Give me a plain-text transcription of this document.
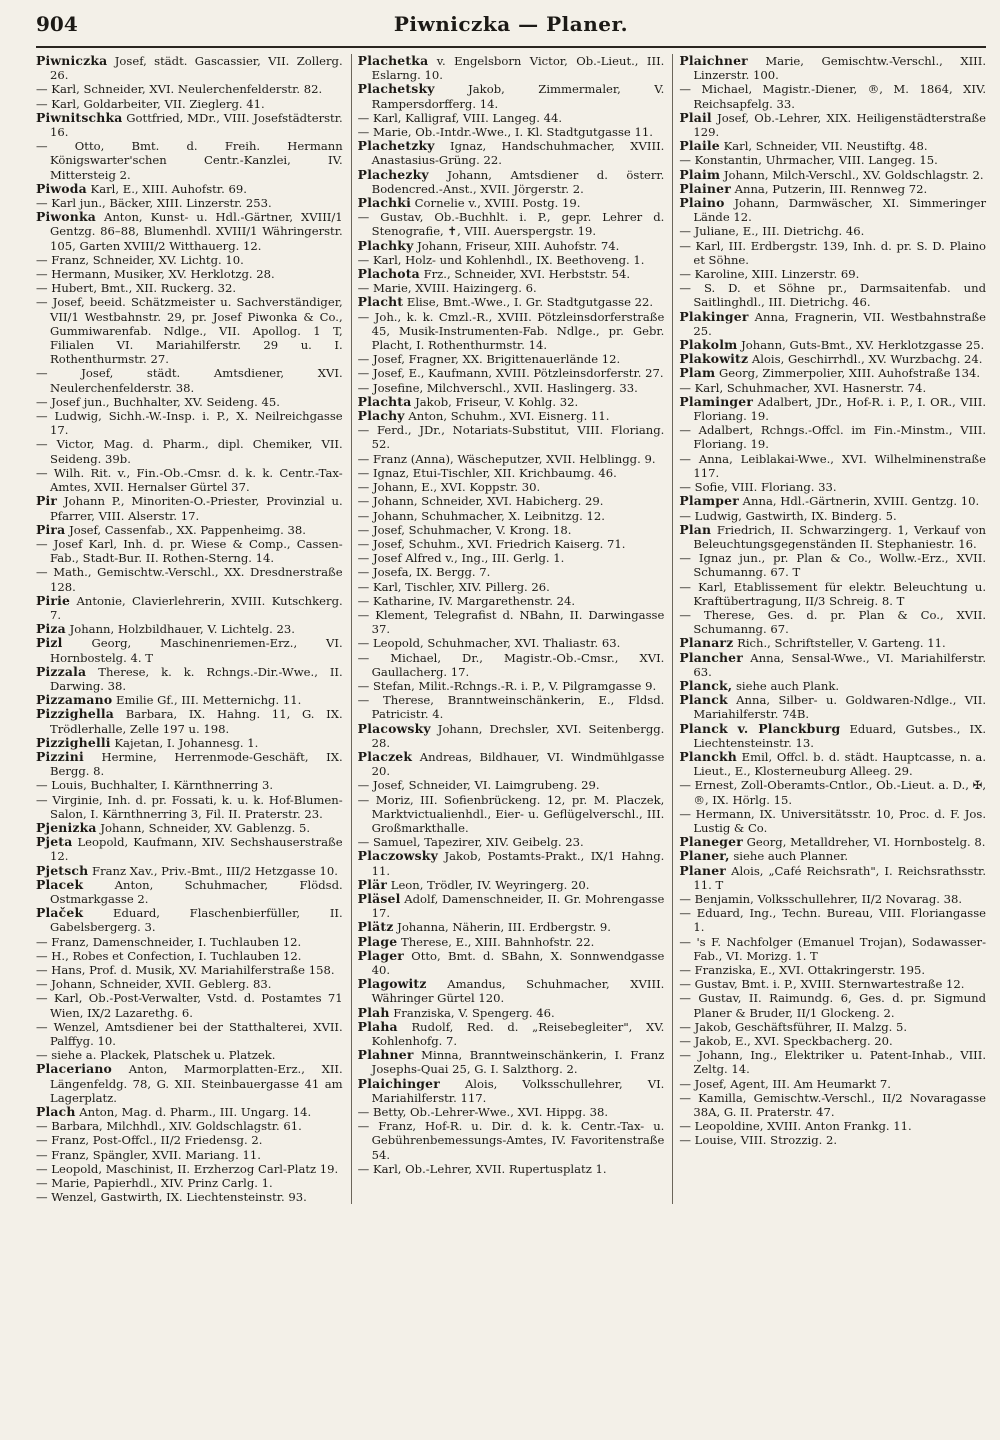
904	Piwniczka — Planer.

Piwniczka Josef, städt. Gascassier, VII. Zollerg. 26.

— Karl, Schneider, XVI. Neulerchenfelderstr. 82.

— Karl, Goldarbeiter, VII. Zieglerg. 41.

Piwnitschka Gottfried, MDr., VIII. Josefstädterstr. 16.

— Otto, Bmt. d. Freih. Hermann Königswarter'schen Centr.-Kanzlei, IV. Mittersteig 2.

Piwoda Karl, E., XIII. Auhofstr. 69.

— Karl jun., Bäcker, XIII. Linzerstr. 253.

Piwonka Anton, Kunst- u. Hdl.-Gärtner, XVIII/1 Gentzg. 86–88, Blumenhdl. XVIII/1 Währingerstr. 105, Garten XVIII/2 Witthauerg. 12.

— Franz, Schneider, XV. Lichtg. 10.

— Hermann, Musiker, XV. Herklotzg. 28.

— Hubert, Bmt., XII. Ruckerg. 32.

— Josef, beeid. Schätzmeister u. Sachverständiger, VII/1 Westbahnstr. 29, pr. Josef Piwonka & Co., Gummiwarenfab. Ndlge., VII. Apollog. 1 T, Filialen VI. Mariahilferstr. 29 u. I. Rothenthurmstr. 27.

— Josef, städt. Amtsdiener, XVI. Neulerchenfelderstr. 38.

— Josef jun., Buchhalter, XV. Seideng. 45.

— Ludwig, Sichh.-W.-Insp. i. P., X. Neilreichgasse 17.

— Victor, Mag. d. Pharm., dipl. Chemiker, VII. Seideng. 39b.

— Wilh. Rit. v., Fin.-Ob.-Cmsr. d. k. k. Centr.-Tax-Amtes, XVII. Hernalser Gürtel 37.

Pir Johann P., Minoriten-O.-Priester, Provinzial u. Pfarrer, VIII. Alserstr. 17.

Pira Josef, Cassenfab., XX. Pappenheimg. 38.

— Josef Karl, Inh. d. pr. Wiese & Comp., Cassen-Fab., Stadt-Bur. II. Rothen-Sterng. 14.

— Math., Gemischtw.-Verschl., XX. Dresdnerstraße 128.

Pirie Antonie, Clavierlehrerin, XVIII. Kutschkerg. 7.

Piza Johann, Holzbildhauer, V. Lichtelg. 23.

Pizl Georg, Maschinenriemen-Erz., VI. Hornbostelg. 4. T

Pizzala Therese, k. k. Rchngs.-Dir.-Wwe., II. Darwing. 38.

Pizzamano Emilie Gf., III. Metternichg. 11.

Pizzighella Barbara, IX. Hahng. 11, G. IX. Trödlerhalle, Zelle 197 u. 198.

Pizzighelli Kajetan, I. Johannesg. 1.

Pizzini Hermine, Herrenmode-Geschäft, IX. Bergg. 8.

— Louis, Buchhalter, I. Kärnthnerring 3.

— Virginie, Inh. d. pr. Fossati, k. u. k. Hof-Blumen-Salon, I. Kärnthnerring 3, Fil. II. Praterstr. 23.

Pjenizka Johann, Schneider, XV. Gablenzg. 5.

Pjeta Leopold, Kaufmann, XIV. Sechshauserstraße 12.

Pjetsch Franz Xav., Priv.-Bmt., III/2 Hetzgasse 10.

Placek	Anton, Schuhmacher, Flödsd. Ostmarkgasse 2.

Plaček	Eduard, Flaschenbierfüller, II. Gabelsbergerg. 3.

— Franz, Damenschneider, I. Tuchlauben 12.

— H., Robes et Confection, I. Tuchlauben 12.

— Hans, Prof. d. Musik, XV. Mariahilferstraße 158.

— Johann, Schneider, XVII. Geblerg. 83.

— Karl, Ob.-Post-Verwalter, Vstd. d. Postamtes 71 Wien, IX/2 Lazarethg. 6.

— Wenzel, Amtsdiener bei der Statthalterei, XVII. Palffyg. 10.

— siehe a. Plackek, Platschek u. Platzek.

Placeriano Anton, Marmorplatten-Erz., XII. Längenfeldg. 78, G. XII. Steinbauergasse 41 am Lagerplatz.

Plach Anton, Mag. d. Pharm., III. Ungarg. 14.

— Barbara, Milchhdl., XIV. Goldschlagstr. 61.

— Franz, Post-Offcl., II/2 Friedensg. 2.

— Franz, Spängler, XVII. Mariang. 11.

— Leopold, Maschinist, II. Erzherzog Carl-Platz 19.

— Marie, Papierhdl., XIV. Prinz Carlg. 1.

— Wenzel, Gastwirth, IX. Liechtensteinstr. 93.

Plachetka v. Engelsborn Victor, Ob.-Lieut., III. Eslarng. 10.

Plachetsky	Jakob, Zimmermaler, V. Rampersdorfferg. 14.

— Karl, Kalligraf, VIII. Langeg. 44.

— Marie, Ob.-Intdr.-Wwe., I. Kl. Stadtgutgasse 11.

Plachetzky Ignaz, Handschuhmacher, XVIII. Anastasius-Grüng. 22.

Plachezky Johann, Amtsdiener d. österr. Bodencred.-Anst., XVII. Jörgerstr. 2.

Plachki Cornelie v., XVIII. Postg. 19.

— Gustav, Ob.-Buchhlt. i. P., gepr. Lehrer d. Stenografie, ✝, VIII. Auerspergstr. 19.

Plachky Johann, Friseur, XIII. Auhofstr. 74.

— Karl, Holz- und Kohlenhdl., IX. Beethoveng. 1.

Plachota Frz., Schneider, XVI. Herbststr. 54.

— Marie, XVIII. Haizingerg. 6.

Placht Elise, Bmt.-Wwe., I. Gr. Stadtgutgasse 22.

— Joh., k. k. Cmzl.-R., XVIII. Pötzleinsdorferstraße 45, Musik-Instrumenten-Fab. Ndlge., pr. Gebr. Placht, I. Rothenthurmstr. 14.

— Josef, Fragner, XX. Brigittenauerlände 12.

— Josef, E., Kaufmann, XVIII. Pötzleinsdorferstr. 27.

— Josefine, Milchverschl., XVII. Haslingerg. 33.

Plachta Jakob, Friseur, V. Kohlg. 32.

Plachy Anton, Schuhm., XVI. Eisnerg. 11.

— Ferd., JDr., Notariats-Substitut, VIII. Floriang. 52.

— Franz (Anna), Wäscheputzer, XVII. Helblingg. 9.

— Ignaz, Etui-Tischler, XII. Krichbaumg. 46.

— Johann, E., XVI. Koppstr. 30.

— Johann, Schneider, XVI. Habicherg. 29.

— Johann, Schuhmacher, X. Leibnitzg. 12.

— Josef, Schuhmacher, V. Krong. 18.

— Josef, Schuhm., XVI. Friedrich Kaiserg. 71.

— Josef Alfred v., Ing., III. Gerlg. 1.

— Josefa, IX. Bergg. 7.

— Karl, Tischler, XIV. Pillerg. 26.

— Katharine, IV. Margarethenstr. 24.

— Klement, Telegrafist d. NBahn, II. Darwingasse 37.

— Leopold, Schuhmacher, XVI. Thaliastr. 63.

— Michael, Dr., Magistr.-Ob.-Cmsr., XVI. Gaullacherg. 17.

— Stefan, Milit.-Rchngs.-R. i. P., V. Pilgramgasse 9.

— Therese, Branntweinschänkerin, E., Fldsd. Patricistr. 4.

Placowsky Johann, Drechsler, XVI. Seitenbergg. 28.

Placzek Andreas, Bildhauer, VI. Windmühlgasse 20.

— Josef, Schneider, VI. Laimgrubeng. 29.

— Moriz, III. Sofienbrückeng. 12, pr. M. Placzek, Marktvictualienhdl., Eier- u. Geflügelverschl., III. Großmarkthalle.

— Samuel, Tapezirer, XIV. Geibelg. 23.

Placzowsky Jakob, Postamts-Prakt., IX/1 Hahng. 11.

Plär Leon, Trödler, IV. Weyringerg. 20.

Pläsel Adolf, Damenschneider, II. Gr. Mohrengasse 17.

Plätz Johanna, Näherin, III. Erdbergstr. 9.

Plage Therese, E., XIII. Bahnhofstr. 22.

Plager Otto, Bmt. d. SBahn, X. Sonnwendgasse 40.

Plagowitz Amandus, Schuhmacher, XVIII. Währinger Gürtel 120.

Plah Franziska, V. Spengerg. 46.

Plaha Rudolf, Red. d. „Reisebegleiter", XV. Kohlenhofg. 7.

Plahner Minna, Branntweinschänkerin, I. Franz Josephs-Quai 25, G. I. Salzthorg. 2.

Plaichinger Alois, Volksschullehrer, VI. Mariahilferstr. 117.

— Betty, Ob.-Lehrer-Wwe., XVI. Hippg. 38.

— Franz, Hof-R. u. Dir. d. k. k. Centr.-Tax- u. Gebührenbemessungs-Amtes, IV. Favoritenstraße 54.

— Karl, Ob.-Lehrer, XVII. Rupertusplatz 1.

Plaichner Marie, Gemischtw.-Verschl., XIII. Linzerstr. 100.

— Michael, Magistr.-Diener, ®, M. 1864, XIV. Reichsapfelg. 33.

Plail Josef, Ob.-Lehrer, XIX. Heiligenstädterstraße 129.

Plaile Karl, Schneider, VII. Neustiftg. 48.

— Konstantin, Uhrmacher, VIII. Langeg. 15.

Plaim Johann, Milch-Verschl., XV. Goldschlagstr. 2.

Plainer Anna, Putzerin, III. Rennweg 72.

Plaino Johann, Darmwäscher, XI. Simmeringer Lände 12.

— Juliane, E., III. Dietrichg. 46.

— Karl, III. Erdbergstr. 139, Inh. d. pr. S. D. Plaino et Söhne.

— Karoline, XIII. Linzerstr. 69.

— S. D. et Söhne pr., Darmsaitenfab. und Saitlinghdl., III. Dietrichg. 46.

Plakinger Anna, Fragnerin, VII. Westbahnstraße 25.

Plakolm Johann, Guts-Bmt., XV. Herklotzgasse 25.

Plakowitz Alois, Geschirrhdl., XV. Wurzbachg. 24.

Plam Georg, Zimmerpolier, XIII. Auhofstraße 134.

— Karl, Schuhmacher, XVI. Hasnerstr. 74.

Plaminger Adalbert, JDr., Hof-R. i. P., I. OR., VIII. Floriang. 19.

— Adalbert, Rchngs.-Offcl. im Fin.-Minstm., VIII. Floriang. 19.

— Anna, Leiblakai-Wwe., XVI. Wilhelminenstraße 117.

— Sofie, VIII. Floriang. 33.

Plamper Anna, Hdl.-Gärtnerin, XVIII. Gentzg. 10.

— Ludwig, Gastwirth, IX. Binderg. 5.

Plan Friedrich, II. Schwarzingerg. 1, Verkauf von Beleuchtungsgegenständen II. Stephaniestr. 16.

— Ignaz jun., pr. Plan & Co., Wollw.-Erz., XVII. Schumanng. 67. T

— Karl, Etablissement für elektr. Beleuchtung u. Kraftübertragung, II/3 Schreig. 8. T

— Therese, Ges. d. pr. Plan & Co., XVII. Schumanng. 67.

Planarz Rich., Schriftsteller, V. Garteng. 11.

Plancher Anna, Sensal-Wwe., VI. Mariahilferstr. 63.

Planck, siehe auch Plank.

Planck Anna, Silber- u. Goldwaren-Ndlge., VII. Mariahilferstr. 74B.

Planck v. Planckburg Eduard, Gutsbes., IX. Liechtensteinstr. 13.

Planckh Emil, Offcl. b. d. städt. Hauptcasse, n. a. Lieut., E., Klosterneuburg Alleeg. 29.

— Ernest, Zoll-Oberamts-Cntlor., Ob.-Lieut. a. D., ✠, ®, IX. Hörlg. 15.

— Hermann, IX. Universitätsstr. 10, Proc. d. F. Jos. Lustig & Co.

Planeger Georg, Metalldreher, VI. Hornbostelg. 8.

Planer, siehe auch Planner.

Planer Alois, „Café Reichsrath", I. Reichsrathsstr. 11. T

— Benjamin, Volksschullehrer, II/2 Novarag. 38.

— Eduard, Ing., Techn. Bureau, VIII. Floriangasse 1.

— 's F. Nachfolger (Emanuel Trojan), Sodawasser-Fab., VI. Morizg. 1. T

— Franziska, E., XVI. Ottakringerstr. 195.

— Gustav, Bmt. i. P., XVIII. Sternwartestraße 12.

— Gustav, II. Raimundg. 6, Ges. d. pr. Sigmund Planer & Bruder, II/1 Glockeng. 2.

— Jakob, Geschäftsführer, II. Malzg. 5.

— Jakob, E., XVI. Speckbacherg. 20.

— Johann, Ing., Elektriker u. Patent-Inhab., VIII. Zeltg. 14.

— Josef, Agent, III. Am Heumarkt 7.

— Kamilla, Gemischtw.-Verschl., II/2 Novaragasse 38A, G. II. Praterstr. 47.

— Leopoldine, XVIII. Anton Frankg. 11.

— Louise, VIII. Strozzig. 2.
